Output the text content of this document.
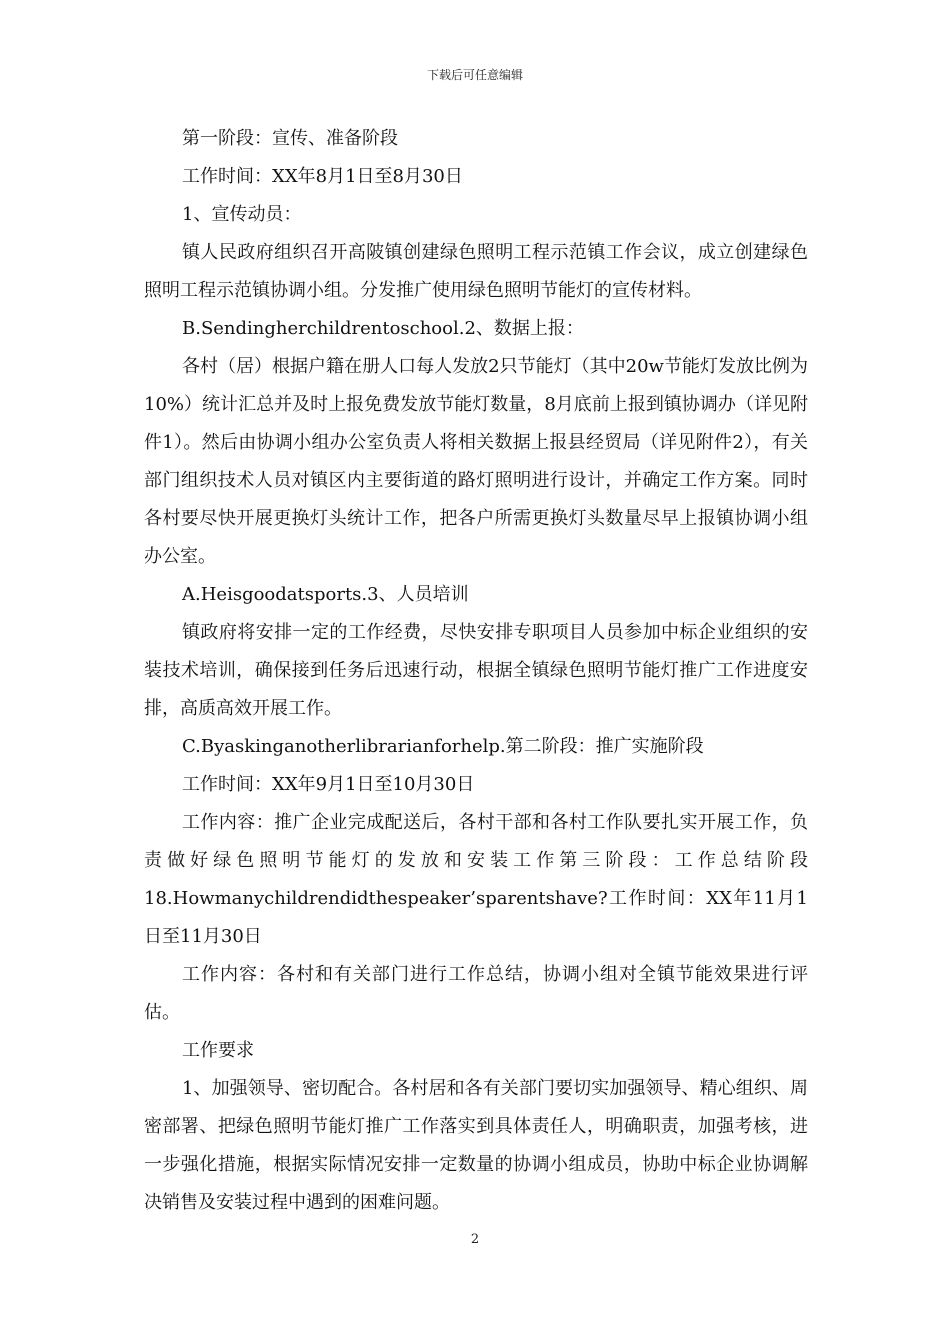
下载后可任意编辑

第一阶段：宣传、准备阶段

工作时间：XX年8月1日至8月30日

1、宣传动员：

镇人民政府组织召开高陂镇创建绿色照明工程示范镇工作会议，成立创建绿色照明工程示范镇协调小组。分发推广使用绿色照明节能灯的宣传材料。

B.Sendingherchildrentoschool.2、数据上报：

各村（居）根据户籍在册人口每人发放2只节能灯（其中20w节能灯发放比例为10%）统计汇总并及时上报免费发放节能灯数量，8月底前上报到镇协调办（详见附件1）。然后由协调小组办公室负责人将相关数据上报县经贸局（详见附件2），有关部门组织技术人员对镇区内主要街道的路灯照明进行设计，并确定工作方案。同时各村要尽快开展更换灯头统计工作，把各户所需更换灯头数量尽早上报镇协调小组办公室。

A.Heisgoodatsports.3、人员培训

镇政府将安排一定的工作经费，尽快安排专职项目人员参加中标企业组织的安装技术培训，确保接到任务后迅速行动，根据全镇绿色照明节能灯推广工作进度安排，高质高效开展工作。

C.Byaskinganotherlibrarianforhelp.第二阶段：推广实施阶段

工作时间：XX年9月1日至10月30日

工作内容：推广企业完成配送后，各村干部和各村工作队要扎实开展工作，负责做好绿色照明节能灯的发放和安装工作第三阶段：工作总结阶段18.Howmanychildrendidthespeaker’sparentshave?工作时间：XX年11月1日至11月30日

工作内容：各村和有关部门进行工作总结，协调小组对全镇节能效果进行评估。

工作要求

1、加强领导、密切配合。各村居和各有关部门要切实加强领导、精心组织、周密部署、把绿色照明节能灯推广工作落实到具体责任人，明确职责，加强考核，进一步强化措施，根据实际情况安排一定数量的协调小组成员，协助中标企业协调解决销售及安装过程中遇到的困难问题。

2
